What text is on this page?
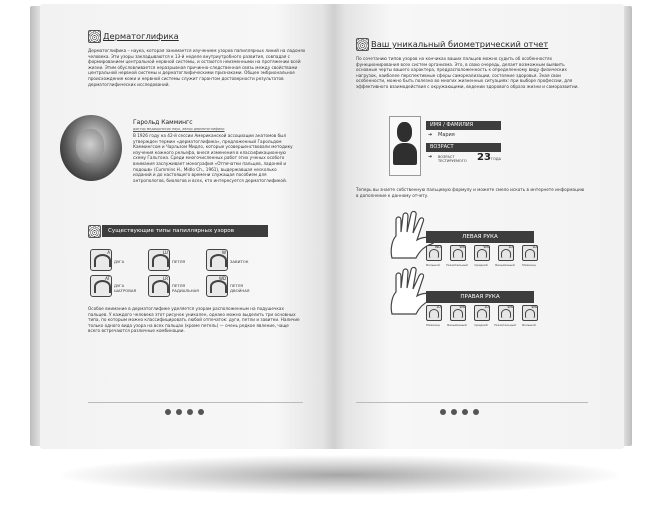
Дерматоглифика
Дерматоглифика – наука, которая занимается изучением узоров папиллярных линий на ладонях человека. Эти узоры закладываются к 13-й неделе внутриутробного развития, совпадая с формированием центральной нервной системы, и остаются неизменными на протяжении всей жизни. Этим обусловливается неразрывная причинно-следственная связь между свойствами центральной нервной системы и дерматоглифическими признаками. Общее эмбриональное происхождение кожи и нервной системы служит гарантом достоверности результатов дерматоглифических исследований.
Гарольд Каммингс
доктор медицинских наук, автор дерматоглифики
В 1926 году на 42-й сессии Американской ассоциации анатомов был утвержден термин «дерматоглифика», предложенный Гарольдом Каммингсом и Чарльзом Мидло, которые усовершенствовали методику изучения кожного рельефа, внеся изменения в классификационную схему Гальтона. Среди многочисленных работ этих ученых особого внимания заслуживает монография «Отпечатки пальцев, ладоней и подошв» (Cummins H., Midlo Ch., 1961), выдержавшая несколько изданий и до настоящего времени служащая пособием для антропологов, биологов и всех, кто интересуется дерматоглификой.
Существующие типы папиллярных узоров
A
ДУГА
LU
ПЕТЛЯ
W
ЗАВИТОК
AT
ДУГА ШАТРОВАЯ
LR
ПЕТЛЯ РАДИАЛЬНАЯ
WD
ПЕТЛЯ ДВОЙНАЯ
Особое внимание в дерматоглифике уделяется узорам расположенным на подушечках пальцев. У каждого человека этот рисунок уникален, однако можно выделить три основных типа, по которым можно классифицировать любой отпечаток: дуги, петли и завитки. Наличие только одного вида узора на всех пальцах (кроме петель) — очень редкое явление, чаще всего встречаются различные комбинации.
Ваш уникальный биометрический отчет
По сочетанию типов узоров на кончиках ваших пальцев можно судить об особенностях функционирования всех систем организма. Это, в свою очередь, делает возможным выявить основные черты вашего характера, предрасположенность к определенному виду физических нагрузок, наиболее перспективные сферы самореализации, состояние здоровья. Зная свои особенности, можно быть полезно во многих жизненных ситуациях: при выборе профессии, для эффективного взаимодействия с окружающими, ведении здорового образа жизни и саморазвитии.
ИМЯ / ФАМИЛИЯ
➔ Мария
ВОЗРАСТ
➔ ВОЗРАСТ ТЕСТИРУЕМОГО	23 ГОДА
Теперь вы знаете собственную пальцевую формулу и можете смело искать в интернете информацию в дополнение к данному отчету.
ЛЕВАЯ РУКА
ПРАВАЯ РУКА
WD	WS	WS	LU	LU
Большой	Указательный	Средний	Безымянный	Мизинец
LU	WS	LU	WS	WS
Мизинец	Безымянный	Средний	Указательный	Большой
